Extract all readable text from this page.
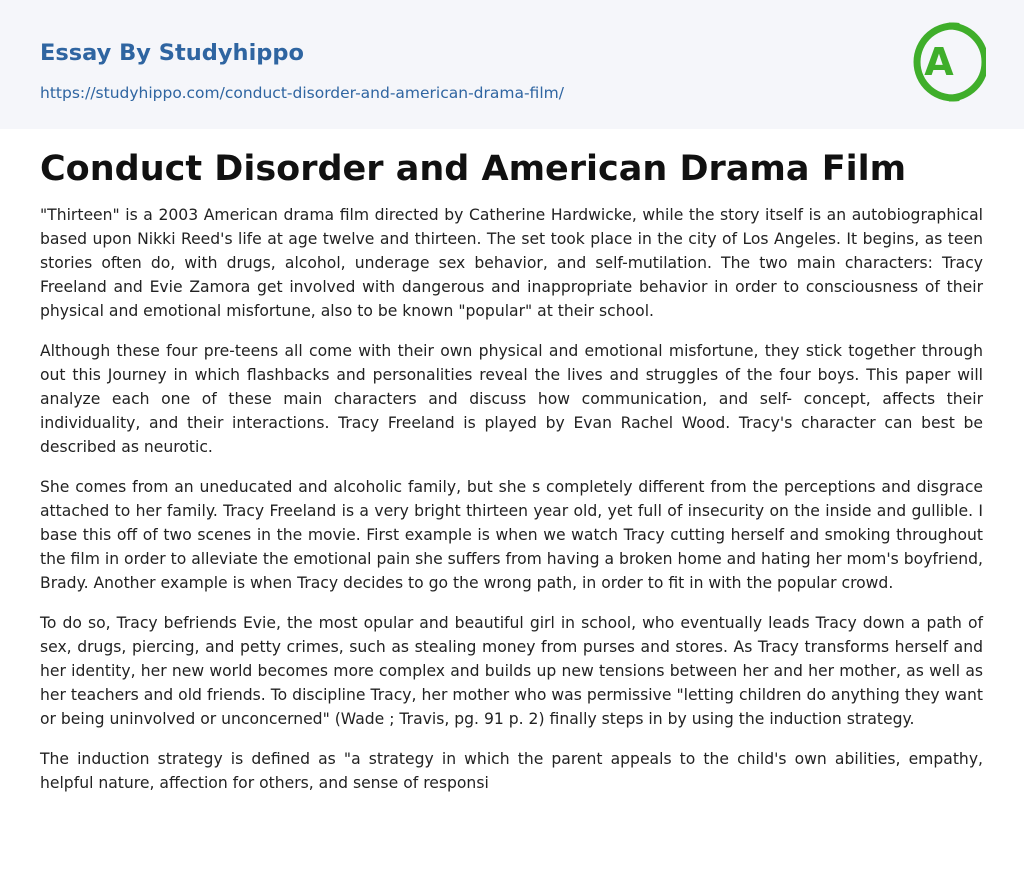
Essay By Studyhippo
https://studyhippo.com/conduct-disorder-and-american-drama-film/
A
Conduct Disorder and American Drama Film

"Thirteen" is a 2003 American drama film directed by Catherine Hardwicke, while the story itself is an autobiographical based upon Nikki Reed's life at age twelve and thirteen. The set took place in the city of Los Angeles. It begins, as teen stories often do, with drugs, alcohol, underage sex behavior, and self-mutilation. The two main characters: Tracy Freeland and Evie Zamora get involved with dangerous and inappropriate behavior in order to consciousness of their physical and emotional misfortune, also to be known "popular" at their school.

Although these four pre-teens all come with their own physical and emotional misfortune, they stick together through out this Journey in which flashbacks and personalities reveal the lives and struggles of the four boys. This paper will analyze each one of these main characters and discuss how communication, and self- concept, affects their individuality, and their interactions. Tracy Freeland is played by Evan Rachel Wood. Tracy's character can best be described as neurotic.

She comes from an uneducated and alcoholic family, but she s completely different from the perceptions and disgrace attached to her family. Tracy Freeland is a very bright thirteen year old, yet full of insecurity on the inside and gullible. I base this off of two scenes in the movie. First example is when we watch Tracy cutting herself and smoking throughout the film in order to alleviate the emotional pain she suffers from having a broken home and hating her mom's boyfriend, Brady. Another example is when Tracy decides to go the wrong path, in order to fit in with the popular crowd.

To do so, Tracy befriends Evie, the most opular and beautiful girl in school, who eventually leads Tracy down a path of sex, drugs, piercing, and petty crimes, such as stealing money from purses and stores. As Tracy transforms herself and her identity, her new world becomes more complex and builds up new tensions between her and her mother, as well as her teachers and old friends. To discipline Tracy, her mother who was permissive "letting children do anything they want or being uninvolved or unconcerned" (Wade ; Travis, pg. 91 p. 2) finally steps in by using the induction strategy.

The induction strategy is defined as "a strategy in which the parent appeals to the child's own abilities, empathy, helpful nature, affection for others, and sense of responsi
